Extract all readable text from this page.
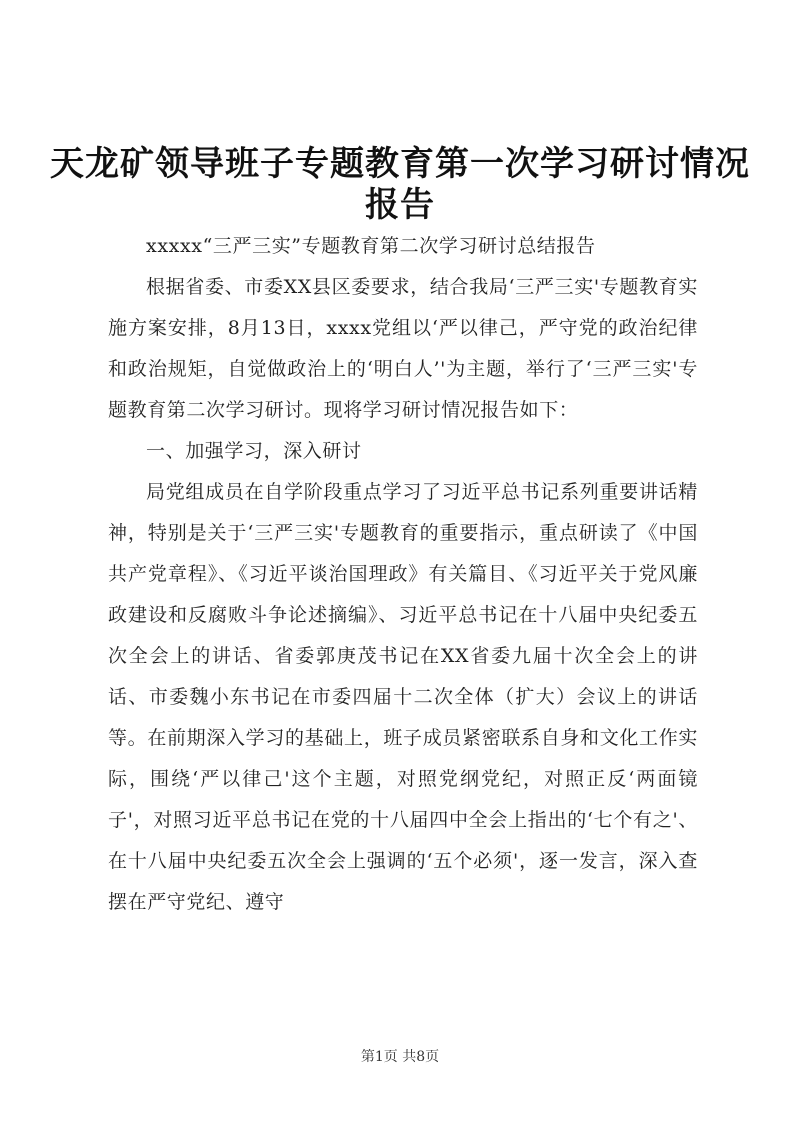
天龙矿领导班子专题教育第一次学习研讨情况
报告

xxxxx“三严三实”专题教育第二次学习研讨总结报告

根据省委、市委XX县区委要求，结合我局‘三严三实'专题教育实施方案安排，8月13日，xxxx党组以‘严以律己，严守党的政治纪律和政治规矩，自觉做政治上的‘明白人’'为主题，举行了‘三严三实'专题教育第二次学习研讨。现将学习研讨情况报告如下：

一、加强学习，深入研讨

局党组成员在自学阶段重点学习了习近平总书记系列重要讲话精神，特别是关于‘三严三实'专题教育的重要指示，重点研读了《中国共产党章程》、《习近平谈治国理政》有关篇目、《习近平关于党风廉政建设和反腐败斗争论述摘编》、习近平总书记在十八届中央纪委五次全会上的讲话、省委郭庚茂书记在XX省委九届十次全会上的讲话、市委魏小东书记在市委四届十二次全体（扩大）会议上的讲话等。在前期深入学习的基础上，班子成员紧密联系自身和文化工作实际，围绕‘严以律己'这个主题，对照党纲党纪，对照正反‘两面镜子'，对照习近平总书记在党的十八届四中全会上指出的‘七个有之'、在十八届中央纪委五次全会上强调的‘五个必须'，逐一发言，深入查摆在严守党纪、遵守

第1页 共8页
